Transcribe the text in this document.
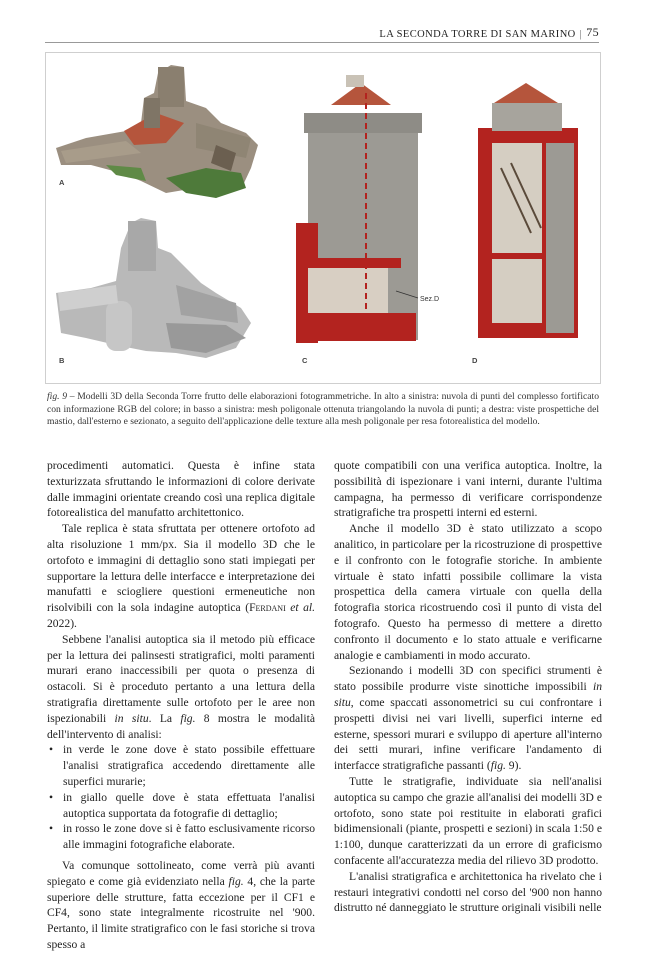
LA SECONDA TORRE DI SAN MARINO | 75
Sez.D
A
B	C	D
fig. 9 – Modelli 3D della Seconda Torre frutto delle elaborazioni fotogrammetriche. In alto a sinistra: nuvola di punti del complesso fortificato con informazione RGB del colore; in basso a sinistra: mesh poligonale ottenuta triangolando la nuvola di punti; a destra: viste prospettiche del mastio, dall'esterno e sezionato, a seguito dell'applicazione delle texture alla mesh poligonale per resa fotorealistica del modello.

procedimenti automatici. Questa è infine stata texturizzata sfruttando le informazioni di colore derivate dalle immagini orientate creando così una replica digitale fotorealistica del manufatto architettonico.

Tale replica è stata sfruttata per ottenere ortofoto ad alta risoluzione 1 mm/px. Sia il modello 3D che le ortofoto e immagini di dettaglio sono stati impiegati per supportare la lettura delle interfacce e interpretazione dei manufatti e sciogliere questioni ermeneutiche non risolvibili con la sola indagine autoptica (Ferdani et al. 2022).

Sebbene l'analisi autoptica sia il metodo più efficace per la lettura dei palinsesti stratigrafici, molti paramenti murari erano inaccessibili per quota o presenza di ostacoli. Si è proceduto pertanto a una lettura della stratigrafia direttamente sulle ortofoto per le aree non ispezionabili in situ. La fig. 8 mostra le modalità dell'intervento di analisi:

• in verde le zone dove è stato possibile effettuare l'analisi stratigrafica accedendo direttamente alle superfici murarie;
• in giallo quelle dove è stata effettuata l'analisi autoptica supportata da fotografie di dettaglio;
• in rosso le zone dove si è fatto esclusivamente ricorso alle immagini fotografiche elaborate.

Va comunque sottolineato, come verrà più avanti spiegato e come già evidenziato nella fig. 4, che la parte superiore delle strutture, fatta eccezione per il CF1 e CF4, sono state integralmente ricostruite nel '900. Pertanto, il limite stratigrafico con le fasi storiche si trova spesso a

quote compatibili con una verifica autoptica. Inoltre, la possibilità di ispezionare i vani interni, durante l'ultima campagna, ha permesso di verificare corrispondenze stratigrafiche tra prospetti interni ed esterni.

Anche il modello 3D è stato utilizzato a scopo analitico, in particolare per la ricostruzione di prospettive e il confronto con le fotografie storiche. In ambiente virtuale è stato infatti possibile collimare la vista prospettica della camera virtuale con quella della fotografia storica ricostruendo così il punto di vista del fotografo. Questo ha permesso di mettere a diretto confronto il documento e lo stato attuale e verificarne analogie e cambiamenti in modo accurato.

Sezionando i modelli 3D con specifici strumenti è stato possibile produrre viste sinottiche impossibili in situ, come spaccati assonometrici su cui confrontare i prospetti divisi nei vari livelli, superfici interne ed esterne, spessori murari e sviluppo di aperture all'interno dei setti murari, infine verificare l'andamento di interfacce stratigrafiche passanti (fig. 9).

Tutte le stratigrafie, individuate sia nell'analisi autoptica su campo che grazie all'analisi dei modelli 3D e ortofoto, sono state poi restituite in elaborati grafici bidimensionali (piante, prospetti e sezioni) in scala 1:50 e 1:100, dunque caratterizzati da un errore di graficismo confacente all'accuratezza media del rilievo 3D prodotto.

L'analisi stratigrafica e architettonica ha rivelato che i restauri integrativi condotti nel corso del '900 non hanno distrutto né danneggiato le strutture originali visibili nelle
